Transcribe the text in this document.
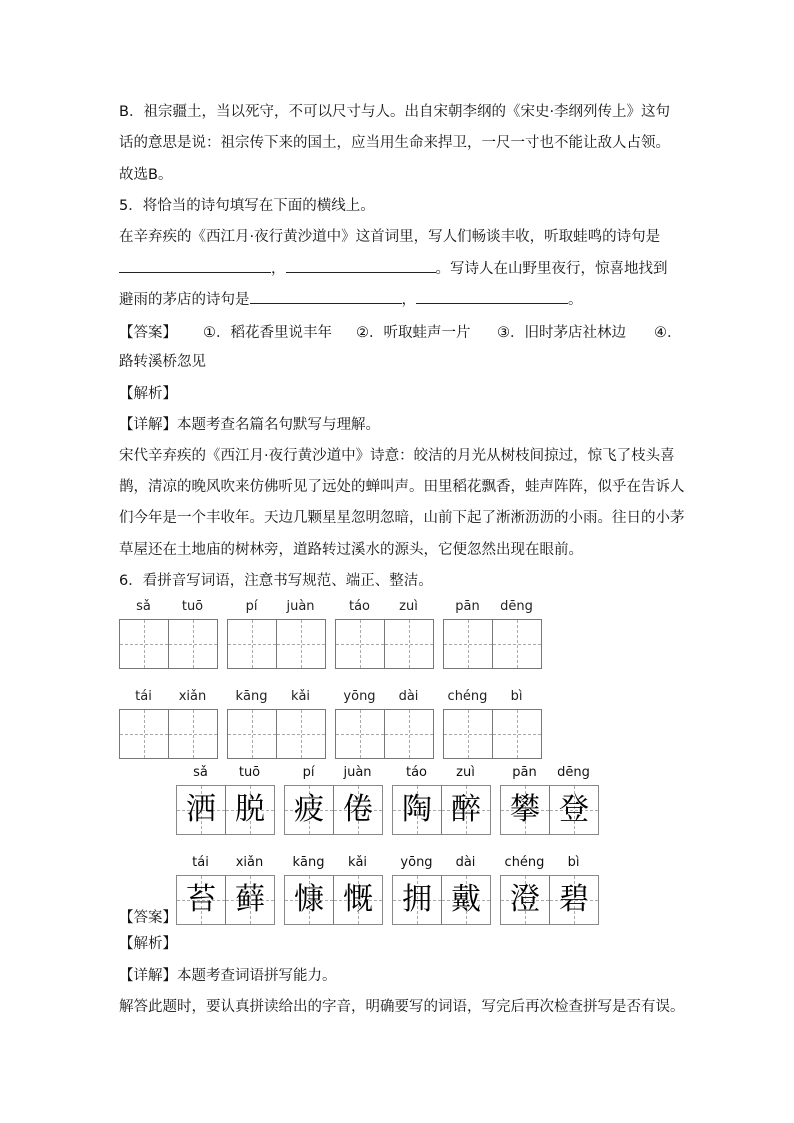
B．祖宗疆土，当以死守，不可以尺寸与人。出自宋朝李纲的《宋史·李纲列传上》这句
话的意思是说：祖宗传下来的国土，应当用生命来捍卫，一尺一寸也不能让敌人占领。
故选B。
5．将恰当的诗句填写在下面的横线上。
在辛弃疾的《西江月·夜行黄沙道中》这首词里，写人们畅谈丰收，听取蛙鸣的诗句是
，	。写诗人在山野里夜行，惊喜地找到
避雨的茅店的诗句是	，	。
【答案】 ①．稻花香里说丰年 ②．听取蛙声一片 ③．旧时茅店社林边 ④．
路转溪桥忽见
【解析】
【详解】本题考查名篇名句默写与理解。
宋代辛弃疾的《西江月·夜行黄沙道中》诗意：皎洁的月光从树枝间掠过，惊飞了枝头喜
鹊，清凉的晚风吹来仿佛听见了远处的蝉叫声。田里稻花飘香，蛙声阵阵，似乎在告诉人
们今年是一个丰收年。天边几颗星星忽明忽暗，山前下起了淅淅沥沥的小雨。往日的小茅
草屋还在土地庙的树林旁，道路转过溪水的源头，它便忽然出现在眼前。
6．看拼音写词语，注意书写规范、端正、整洁。
sǎ	tuō	pí	juàn	táo	zuì	pān	dēng
tái	xiǎn	kāng	kǎi	yōng	dài	chéng	bì
sǎ	tuō
洒 脱
pí	juàn
疲 倦
táo	zuì
陶 醉
pān	dēng
攀 登
tái	xiǎn
苔 藓
kāng	kǎi
慷 慨
yōng	dài
拥 戴
chéng	bì
澄 碧
【答案】
【解析】
【详解】本题考查词语拼写能力。
解答此题时，要认真拼读给出的字音，明确要写的词语，写完后再次检查拼写是否有误。
